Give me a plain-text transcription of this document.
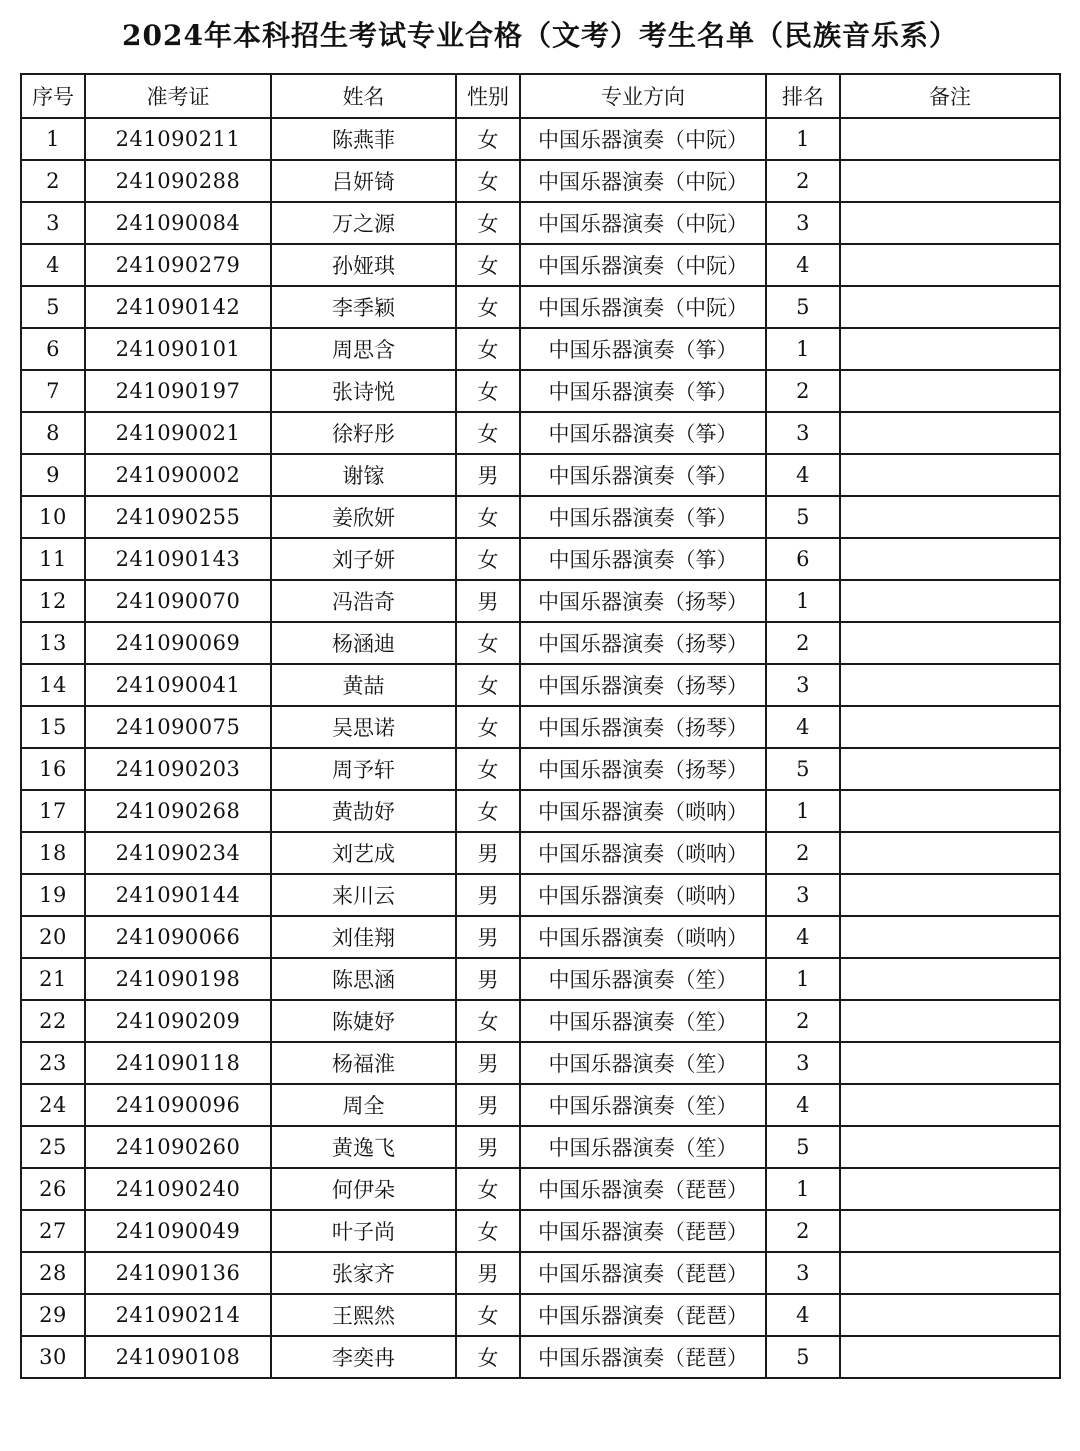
2024年本科招生考试专业合格（文考）考生名单（民族音乐系）
序号	准考证	姓名	性别	专业方向	排名	备注
1	241090211	陈燕菲	女	中国乐器演奏（中阮）	1	
2	241090288	吕妍锜	女	中国乐器演奏（中阮）	2	
3	241090084	万之源	女	中国乐器演奏（中阮）	3	
4	241090279	孙娅琪	女	中国乐器演奏（中阮）	4	
5	241090142	李季颖	女	中国乐器演奏（中阮）	5	
6	241090101	周思含	女	中国乐器演奏（筝）	1	
7	241090197	张诗悦	女	中国乐器演奏（筝）	2	
8	241090021	徐籽彤	女	中国乐器演奏（筝）	3	
9	241090002	谢镓	男	中国乐器演奏（筝）	4	
10	241090255	姜欣妍	女	中国乐器演奏（筝）	5	
11	241090143	刘子妍	女	中国乐器演奏（筝）	6	
12	241090070	冯浩奇	男	中国乐器演奏（扬琴）	1	
13	241090069	杨涵迪	女	中国乐器演奏（扬琴）	2	
14	241090041	黄喆	女	中国乐器演奏（扬琴）	3	
15	241090075	吴思诺	女	中国乐器演奏（扬琴）	4	
16	241090203	周予轩	女	中国乐器演奏（扬琴）	5	
17	241090268	黄劼妤	女	中国乐器演奏（唢呐）	1	
18	241090234	刘艺成	男	中国乐器演奏（唢呐）	2	
19	241090144	来川云	男	中国乐器演奏（唢呐）	3	
20	241090066	刘佳翔	男	中国乐器演奏（唢呐）	4	
21	241090198	陈思涵	男	中国乐器演奏（笙）	1	
22	241090209	陈婕妤	女	中国乐器演奏（笙）	2	
23	241090118	杨福淮	男	中国乐器演奏（笙）	3	
24	241090096	周全	男	中国乐器演奏（笙）	4	
25	241090260	黄逸飞	男	中国乐器演奏（笙）	5	
26	241090240	何伊朵	女	中国乐器演奏（琵琶）	1	
27	241090049	叶子尚	女	中国乐器演奏（琵琶）	2	
28	241090136	张家齐	男	中国乐器演奏（琵琶）	3	
29	241090214	王熙然	女	中国乐器演奏（琵琶）	4	
30	241090108	李奕冉	女	中国乐器演奏（琵琶）	5	
